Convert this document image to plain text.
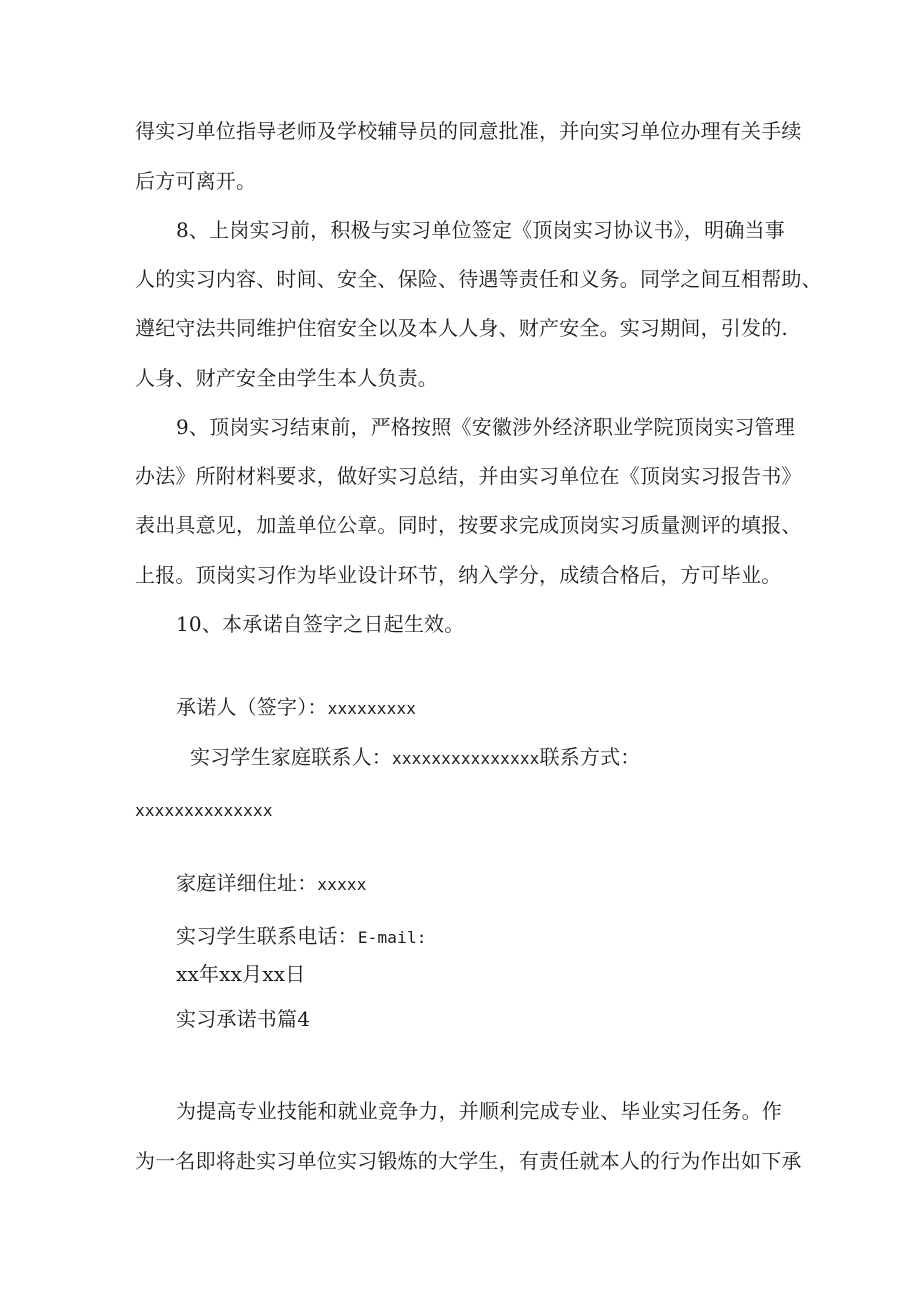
得实习单位指导老师及学校辅导员的同意批准，并向实习单位办理有关手续
后方可离开。
8、上岗实习前，积极与实习单位签定《顶岗实习协议书》，明确当事
人的实习内容、时间、安全、保险、待遇等责任和义务。同学之间互相帮助、
遵纪守法共同维护住宿安全以及本人人身、财产安全。实习期间，引发的.
人身、财产安全由学生本人负责。
9、顶岗实习结束前，严格按照《安徽涉外经济职业学院顶岗实习管理
办法》所附材料要求，做好实习总结，并由实习单位在《顶岗实习报告书》
表出具意见，加盖单位公章。同时，按要求完成顶岗实习质量测评的填报、
上报。顶岗实习作为毕业设计环节，纳入学分，成绩合格后，方可毕业。
10、本承诺自签字之日起生效。
承诺人（签字）：xxxxxxxxx
实习学生家庭联系人：xxxxxxxxxxxxxxx联系方式：
xxxxxxxxxxxxxx
家庭详细住址：xxxxx
实习学生联系电话：E-mail:
xx年xx月xx日
实习承诺书篇4
为提高专业技能和就业竞争力，并顺利完成专业、毕业实习任务。作
为一名即将赴实习单位实习锻炼的大学生，有责任就本人的行为作出如下承
